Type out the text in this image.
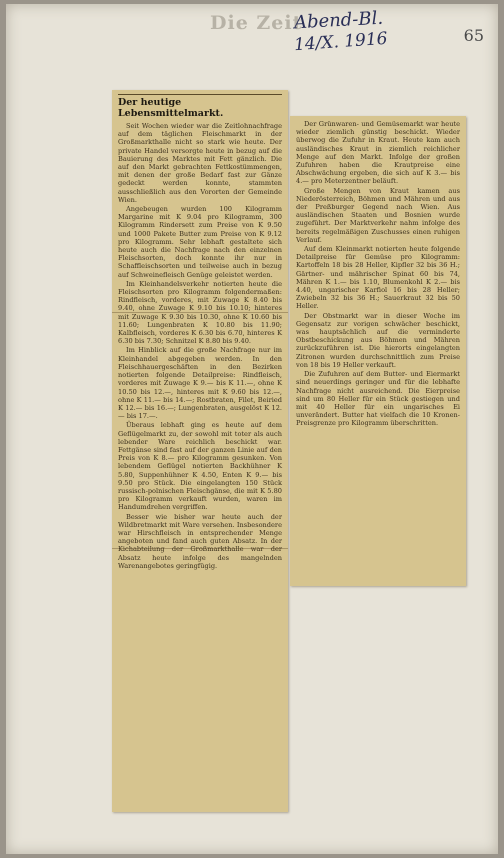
Die Zeit
Abend-Bl.
14/X. 1916	65
Der heutige Lebensmittelmarkt.

Seit Wochen wieder war die Zeitlohnachfrage auf dem täglichen Fleischmarkt in der Großmarkthalle nicht so stark wie heute. Der private Handel versorgte heute in bezug auf die Bauierung des Marktes mit Fett gänzlich. Die auf den Markt gebrachten Fettkostümmengen, mit denen der große Bedarf fast zur Gänze gedeckt werden konnte, stammten ausschließlich aus den Vororten der Gemeinde Wien.

Angebeugen wurden 100 Kilogramm Margarine mit K 9.04 pro Kilogramm, 300 Kilogramm Rindersett zum Preise von K 9.50 und 1000 Pakete Butter zum Preise von K 9.12 pro Kilogramm. Sehr lebhaft gestaltete sich heute auch die Nachfrage nach den einzelnen Fleischsorten, doch konnte ihr nur in Schaffleischsorten und teilweise auch in bezug auf Schweinefleisch Genüge geleistet werden.

Im Kleinhandelsverkehr notierten heute die Fleischsorten pro Kilogramm folgendermaßen: Rindfleisch, vorderes, mit Zuwage K 8.40 bis 9.40, ohne Zuwage K 9.10 bis 10.10; hinteres mit Zuwage K 9.30 bis 10.30, ohne K 10.60 bis 11.60; Lungenbraten K 10.80 bis 11.90; Kalbfleisch, vorderes K 6.30 bis 6.70, hinteres K 6.30 bis 7.30; Schnitzel K 8.80 bis 9.40.

Im Hinblick auf die große Nachfrage nur im Kleinhandel abgegeben werden. In den Fleischhauergeschäften in den Bezirken notierten folgende Detailpreise: Rindfleisch, vorderes mit Zuwage K 9.— bis K 11.—, ohne K 10.50 bis 12.—, hinteres mit K 9.60 bis 12.—, ohne K 11.— bis 14.—; Rostbraten, Filet, Beiried K 12.— bis 16.—; Lungenbraten, ausgelöst K 12.— bis 17.—.

Überaus lebhaft ging es heute auf dem Geflügelmarkt zu, der sowohl mit toter als auch lebender Ware reichlich beschickt war. Fettgänse sind fast auf der ganzen Linie auf den Preis von K 8.— pro Kilogramm gesunken. Von lebendem Geflügel notierten Backhühner K 5.80, Suppenhühner K 4.50, Enten K 9.— bis 9.50 pro Stück. Die eingelangten 150 Stück russisch-polnischen Fleischgänse, die mit K 5.80 pro Kilogramm verkauft wurden, waren im Handumdrehen vergriffen.

Besser wie bisher war heute auch der Wildbretmarkt mit Ware versehen. Insbesondere war Hirschfleisch in entsprechender Menge angeboten und fand auch guten Absatz. In der Kichabteilung der Großmarkthalle war der Absatz heute infolge des mangelnden Warenangebotes geringfügig.

Der Grünwaren- und Gemüsemarkt war heute wieder ziemlich günstig beschickt. Wieder überwog die Zufuhr in Kraut. Heute kam auch ausländisches Kraut in ziemlich reichlicher Menge auf den Markt. Infolge der großen Zufuhren haben die Krautpreise eine Abschwächung ergeben, die sich auf K 3.— bis 4.— pro Meterzentner beläuft.

Große Mengen von Kraut kamen aus Niederösterreich, Böhmen und Mähren und aus der Preßburger Gegend nach Wien. Aus ausländischen Staaten und Bosnien wurde zugeführt. Der Marktverkehr nahm infolge des bereits regelmäßigen Zuschusses einen ruhigen Verlauf.

Auf dem Kleinmarkt notierten heute folgende Detailpreise für Gemüse pro Kilogramm: Kartoffeln 18 bis 28 Heller, Kipfler 32 bis 36 H.; Gärtner- und mährischer Spinat 60 bis 74, Mähren K 1.— bis 1.10, Blumenkohl K 2.— bis 4.40, ungarischer Karfiol 16 bis 28 Heller; Zwiebeln 32 bis 36 H.; Sauerkraut 32 bis 50 Heller.

Der Obstmarkt war in dieser Woche im Gegensatz zur vorigen schwächer beschickt, was hauptsächlich auf die verminderte Obstbeschickung aus Böhmen und Mähren zurückzuführen ist. Die hierorts eingelangten Zitronen wurden durchschnittlich zum Preise von 18 bis 19 Heller verkauft.

Die Zufuhren auf dem Butter- und Eiermarkt sind neuerdings geringer und für die lebhafte Nachfrage nicht ausreichend. Die Eierpreise sind um 80 Heller für ein Stück gestiegen und mit 40 Heller für ein ungarisches Ei unverändert. Butter hat vielfach die 10 Kronen-Preisgrenze pro Kilogramm überschritten.
